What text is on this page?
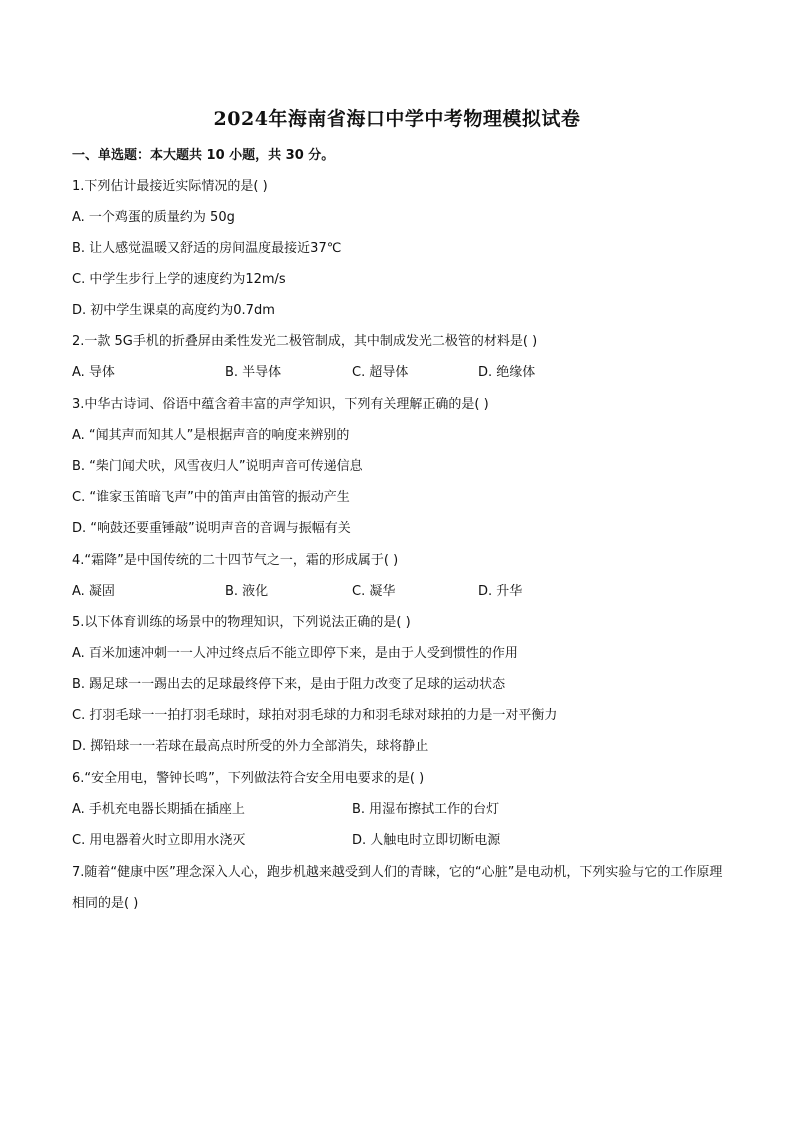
2024年海南省海口中学中考物理模拟试卷
一、单选题：本大题共 10 小题，共 30 分。
1.下列估计最接近实际情况的是( )
A. 一个鸡蛋的质量约为 50g
B. 让人感觉温暖又舒适的房间温度最接近37℃
C. 中学生步行上学的速度约为12m/s
D. 初中学生课桌的高度约为0.7dm
2.一款 5G手机的折叠屏由柔性发光二极管制成，其中制成发光二极管的材料是( )
A. 导体	B. 半导体	C. 超导体	D. 绝缘体
3.中华古诗词、俗语中蕴含着丰富的声学知识，下列有关理解正确的是( )
A. “闻其声而知其人”是根据声音的响度来辨别的
B. “柴门闻犬吠，风雪夜归人”说明声音可传递信息
C. “谁家玉笛暗飞声”中的笛声由笛管的振动产生
D. “响鼓还要重锤敲”说明声音的音调与振幅有关
4.“霜降”是中国传统的二十四节气之一，霜的形成属于( )
A. 凝固	B. 液化	C. 凝华	D. 升华
5.以下体育训练的场景中的物理知识，下列说法正确的是( )
A. 百米加速冲刺一一人冲过终点后不能立即停下来，是由于人受到惯性的作用
B. 踢足球一一踢出去的足球最终停下来，是由于阻力改变了足球的运动状态
C. 打羽毛球一一拍打羽毛球时，球拍对羽毛球的力和羽毛球对球拍的力是一对平衡力
D. 掷铅球一一若球在最高点时所受的外力全部消失，球将静止
6.“安全用电，警钟长鸣”，下列做法符合安全用电要求的是( )
A. 手机充电器长期插在插座上	B. 用湿布擦拭工作的台灯
C. 用电器着火时立即用水浇灭	D. 人触电时立即切断电源
7.随着“健康中医”理念深入人心，跑步机越来越受到人们的青睐，它的“心脏”是电动机，下列实验与它的工作原理相同的是( )
